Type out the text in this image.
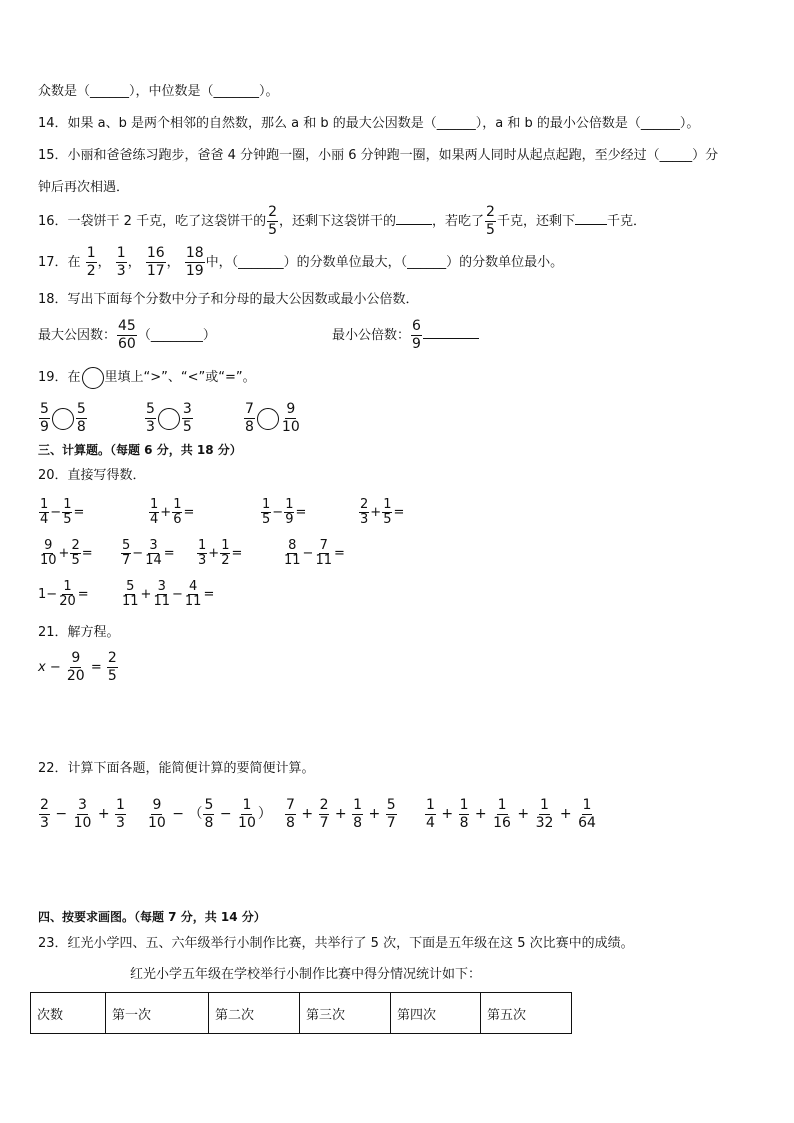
众数是（______），中位数是（_______）。
14．如果 a、b 是两个相邻的自然数，那么 a 和 b 的最大公因数是（______），a 和 b 的最小公倍数是（______）。
15．小丽和爸爸练习跑步，爸爸 4 分钟跑一圈，小丽 6 分钟跑一圈，如果两人同时从起点起跑，至少经过（_____）分
钟后再次相遇．
16．一袋饼干 2 千克，吃了这袋饼干的 $\frac{2}{5}$ ，还剩下这袋饼干的	，若吃了 $\frac{2}{5}$ 千克，还剩下 千克．
17．在 $\frac{1}{2}$ ， $\frac{1}{3}$ ， $\frac{16}{17}$ ， $\frac{18}{19}$ 中，（_______）的分数单位最大，（______）的分数单位最小。
18．写出下面每个分数中分子和分母的最大公因数或最小公倍数．
最大公因数： $\frac{45}{60}$ （________）	最小公倍数： $\frac{6}{9}$
19．在 里填上“>”、“<”或“=”。
$\frac{5}{9} \frac{5}{8}$	$\frac{5}{3} \frac{3}{5}$	$\frac{7}{8} \frac{9}{10}$
三、计算题。（每题 6 分，共 18 分）
20．直接写得数．
$\frac{1}{4} - \frac{1}{5}$ =	$\frac{1}{4} + \frac{1}{6}$ =	$\frac{1}{5} - \frac{1}{9}$ =	$\frac{2}{3} + \frac{1}{5}$ =
$\frac{9}{10} + \frac{2}{5} = \frac{5}{7} - \frac{3}{14} = \frac{1}{3} + \frac{1}{2}$ =	$\frac{8}{11} - \frac{7}{11}$ =
$1- \frac{1}{20} = \frac{5}{11} + \frac{3}{11} - \frac{4}{11}$ =
21．解方程。
$x - \frac{9}{20} = \frac{2}{5}$
22．计算下面各题，能简便计算的要简便计算。
$\frac{2}{3} - \frac{3}{10} + \frac{1}{3} \frac{9}{10}$ − （ $\frac{5}{8} - \frac{1}{10}$ ） $\frac{7}{8} + \frac{2}{7} + \frac{1}{8} + \frac{5}{7} \frac{1}{4} + \frac{1}{8} + \frac{1}{16} + \frac{1}{32} + \frac{1}{64}$
四、按要求画图。（每题 7 分，共 14 分）
23．红光小学四、五、六年级举行小制作比赛，共举行了 5 次，下面是五年级在这 5 次比赛中的成绩。
红光小学五年级在学校举行小制作比赛中得分情况统计如下：
次数	第一次	第二次	第三次	第四次	第五次
